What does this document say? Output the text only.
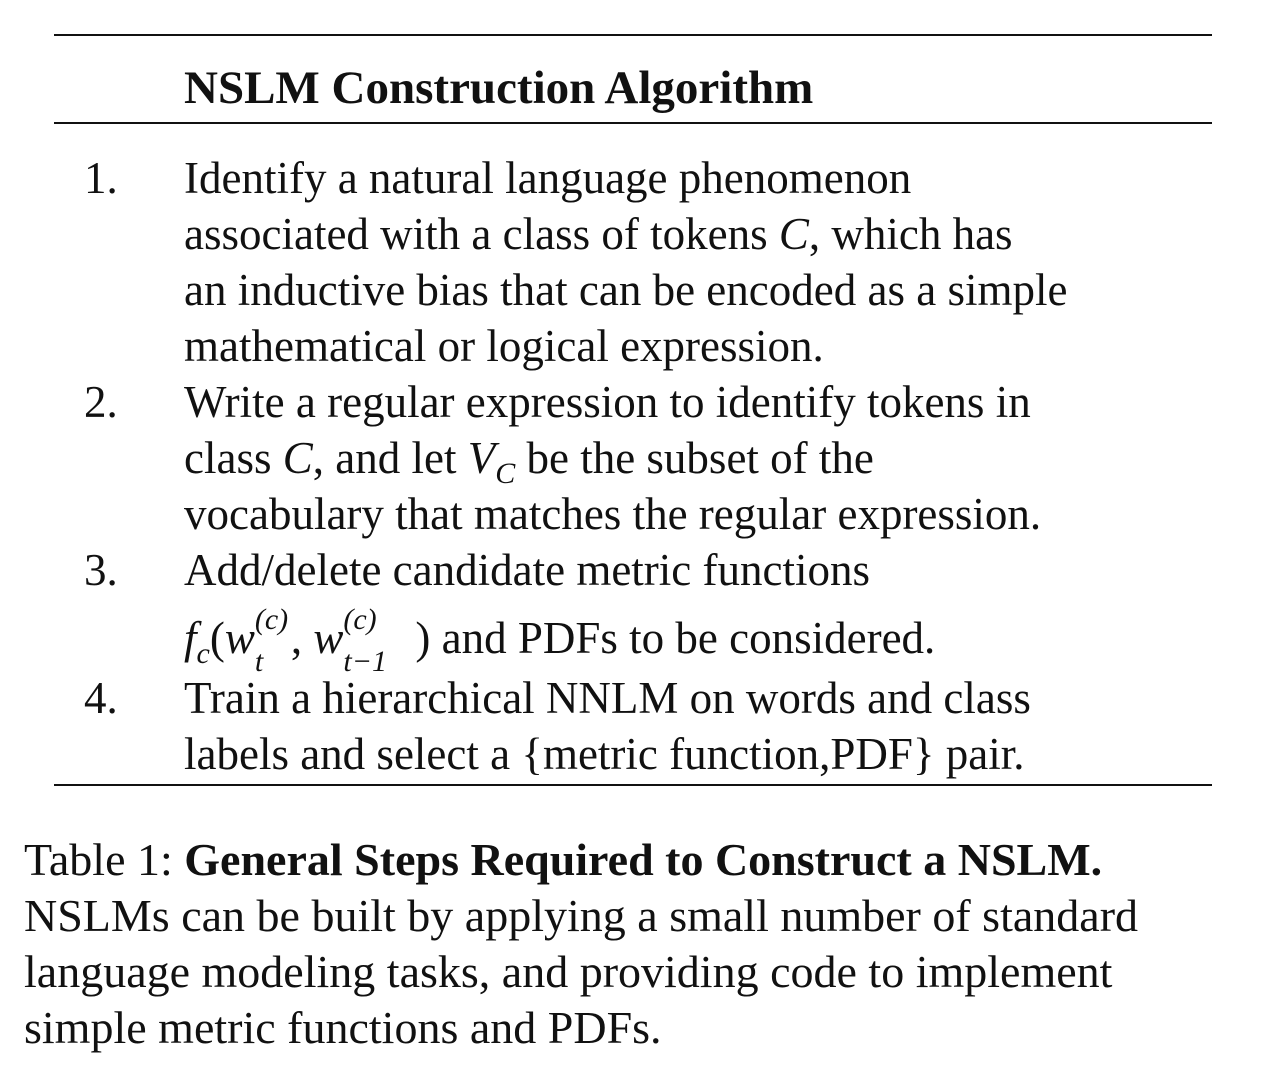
NSLM Construction Algorithm
1. Identify a natural language phenomenon
associated with a class of tokens C, which has
an inductive bias that can be encoded as a simple
mathematical or logical expression.
2. Write a regular expression to identify tokens in
class C, and let $V_C$ be the subset of the
vocabulary that matches the regular expression.
3. Add/delete candidate metric functions
$f_c(w$ (c)
t , w (c)
t−1 ) and PDFs to be considered.
4. Train a hierarchical NNLM on words and class
labels and select a {metric function,PDF} pair.
Table 1: General Steps Required to Construct a NSLM.
NSLMs can be built by applying a small number of standard
language modeling tasks, and providing code to implement
simple metric functions and PDFs.
